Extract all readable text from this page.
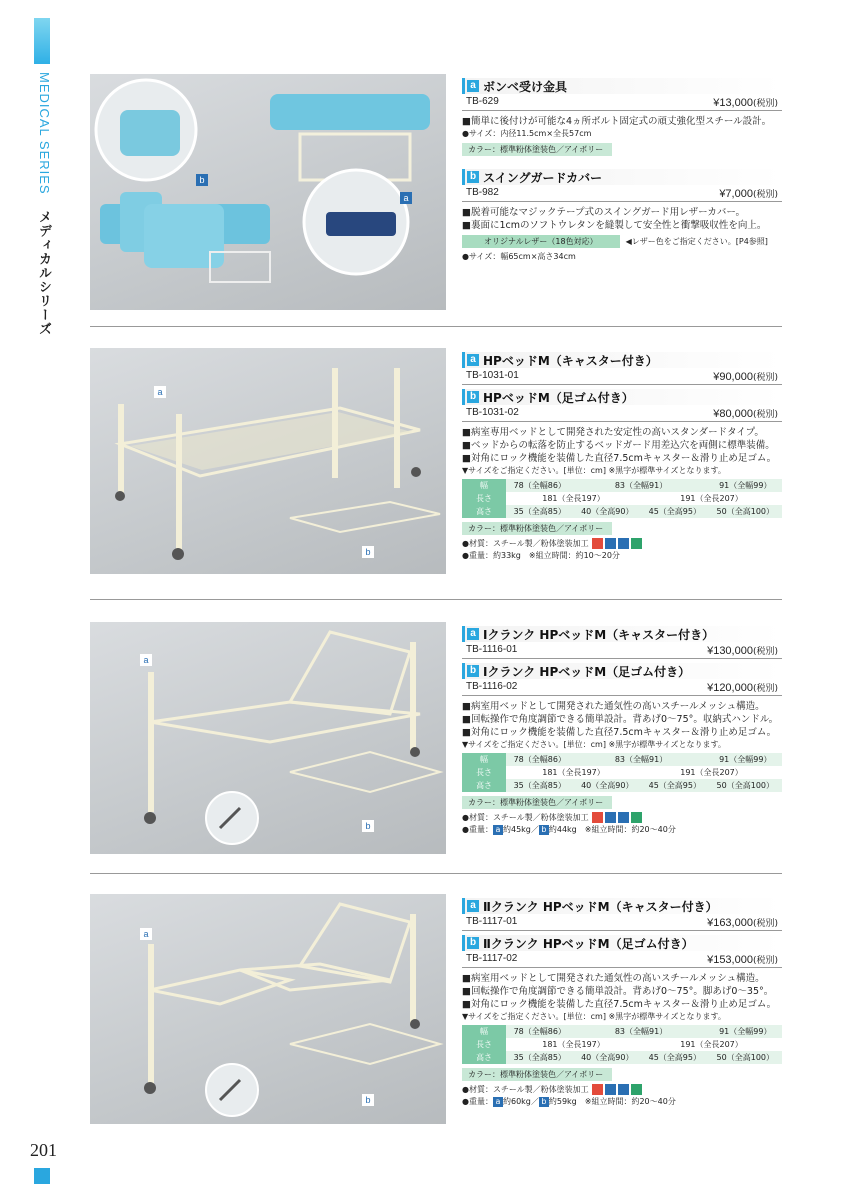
MEDICAL SERIES
メディカルシリーズ
201
b
a
a ボンベ受け金具
TB-629	¥13,000(税別)
■簡単に後付けが可能な4ヵ所ボルト固定式の頑丈強化型スチール設計。
●サイズ：内径11.5cm×全長57cm
カラー：標準粉体塗装色／アイボリー
b スイングガードカバー
TB-982	¥7,000(税別)
■脱着可能なマジックテープ式のスイングガード用レザーカバー。
■裏面に1cmのソフトウレタンを縫製して安全性と衝撃吸収性を向上。
オリジナルレザー（18色対応）	◀レザー色をご指定ください。[P4参照]
●サイズ：幅65cm×高さ34cm
a
b
a HPベッドM（キャスター付き）
TB-1031-01	¥90,000(税別)
b HPベッドM（足ゴム付き）
TB-1031-02	¥80,000(税別)
■病室専用ベッドとして開発された安定性の高いスタンダードタイプ。
■ベッドからの転落を防止するベッドガード用差込穴を両側に標準装備。
■対角にロック機能を装備した直径7.5cmキャスター＆滑り止め足ゴム。
▼サイズをご指定ください。[単位：cm] ※黒字が標準サイズとなります。
幅	78（全幅86）	83（全幅91）		91（全幅99）
長さ	181（全長197）		191（全長207）	
高さ	35（全高85）	40（全高90）	45（全高95）	50（全高100）
カラー：標準粉体塗装色／アイボリー
●材質：スチール製／粉体塗装加工
●重量：約33kg　※組立時間：約10～20分
a
b
a Ⅰクランク HPベッドM（キャスター付き）
TB-1116-01	¥130,000(税別)
b Ⅰクランク HPベッドM（足ゴム付き）
TB-1116-02	¥120,000(税別)
■病室用ベッドとして開発された通気性の高いスチールメッシュ構造。
■回転操作で角度調節できる簡単設計。背あげ0～75°。収納式ハンドル。
■対角にロック機能を装備した直径7.5cmキャスター＆滑り止め足ゴム。
▼サイズをご指定ください。[単位：cm] ※黒字が標準サイズとなります。
幅	78（全幅86）	83（全幅91）		91（全幅99）
長さ	181（全長197）		191（全長207）	
高さ	35（全高85）	40（全高90）	45（全高95）	50（全高100）
カラー：標準粉体塗装色／アイボリー
●材質：スチール製／粉体塗装加工
●重量： a 約45kg／ b 約44kg　※組立時間：約20～40分
a
b
a Ⅱクランク HPベッドM（キャスター付き）
TB-1117-01	¥163,000(税別)
b Ⅱクランク HPベッドM（足ゴム付き）
TB-1117-02	¥153,000(税別)
■病室用ベッドとして開発された通気性の高いスチールメッシュ構造。
■回転操作で角度調節できる簡単設計。背あげ0～75°。脚あげ0～35°。
■対角にロック機能を装備した直径7.5cmキャスター＆滑り止め足ゴム。
▼サイズをご指定ください。[単位：cm] ※黒字が標準サイズとなります。
幅	78（全幅86）	83（全幅91）		91（全幅99）
長さ	181（全長197）		191（全長207）	
高さ	35（全高85）	40（全高90）	45（全高95）	50（全高100）
カラー：標準粉体塗装色／アイボリー
●材質：スチール製／粉体塗装加工
●重量： a 約60kg／ b 約59kg　※組立時間：約20～40分
